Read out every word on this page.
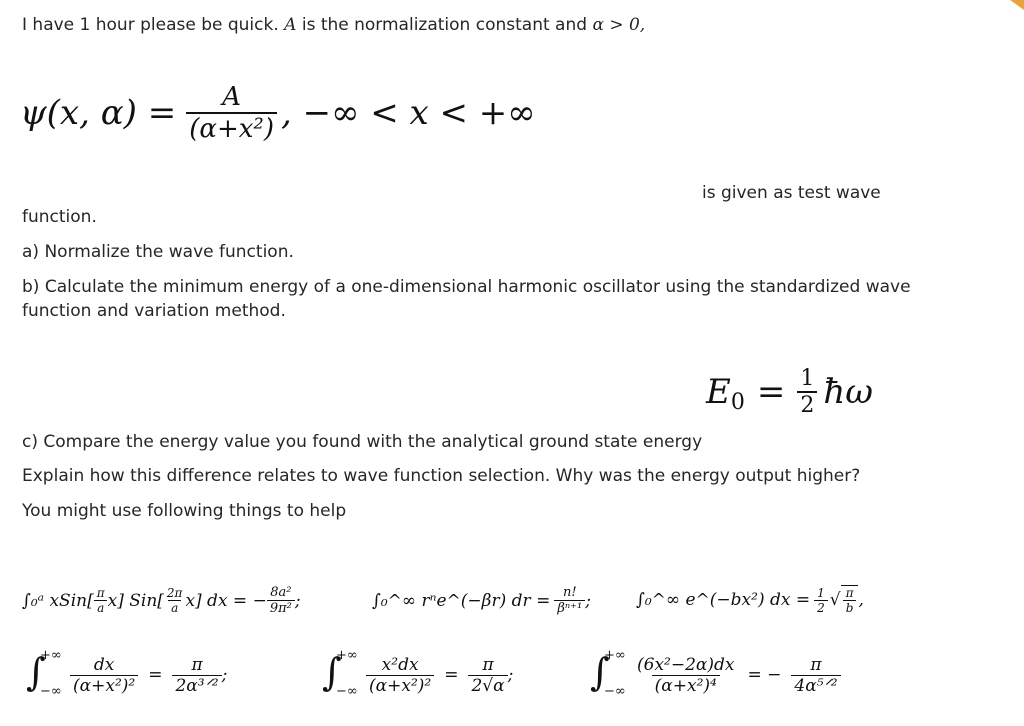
I have 1 hour please be quick. A is the normalization constant and α > 0,
ψ(x, $\alpha) = \frac{A}{\text{(α+x²)}}$ , −∞ < x < +∞
is given as test wave
function.
a) Normalize the wave function.
b) Calculate the minimum energy of a one-dimensional harmonic oscillator using the standardized wave
function and variation method.
$E_0 = \frac{1}{2}$ ħω
c) Compare the energy value you found with the analytical ground state energy
Explain how this difference relates to wave function selection. Why was the energy output higher?
You might use following things to help
∫₀ᵃ xSin[ $\frac{\pi}{a} x$] $Sin[ \frac{2\pi}{a} x]$ dx = − $\frac{\text{8a²}}{\text{9π²}}$ ;	∫₀^∞ rⁿe^(−βr) dr = $\frac{n!}{\text{βⁿ⁺¹}}$ ;	∫₀^∞ e^(−bx²) dx = $\frac{1}{2}$ √ $\frac{\pi}{b}$ ,
∫
+∞
−∞ $\frac{dx}{\text{(α+x²)²}} = \frac{\pi}{\text{2α³ᐟ²}}$ ; ∫
+∞
−∞ $\frac{\text{x²dx}}{\text{(α+x²)²}} = \frac{\pi}{2√\alpha}$ ; ∫
+∞
−∞ $\frac{\text{(6x²−2α)dx}}{\text{(α+x²)⁴}}$ = − $\frac{\pi}{\text{4α⁵ᐟ²}}$
